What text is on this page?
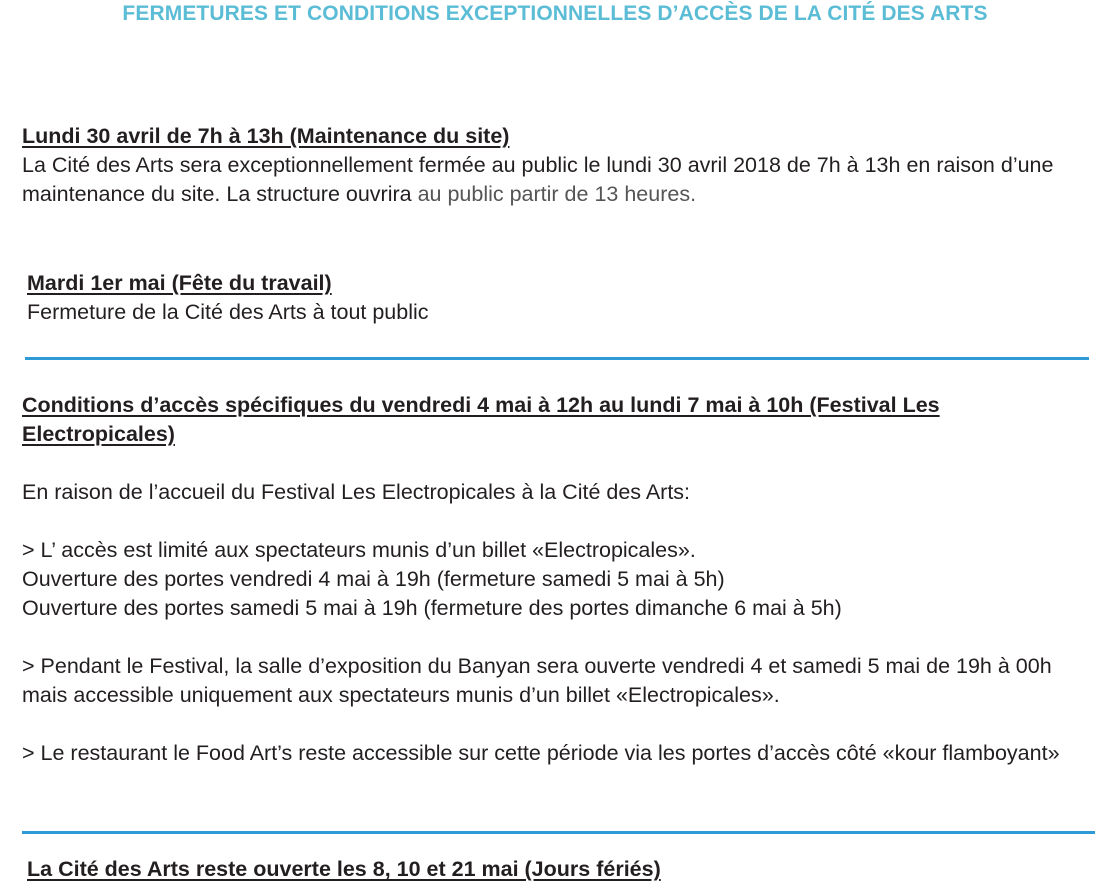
FERMETURES ET CONDITIONS EXCEPTIONNELLES D’ACCÈS DE LA CITÉ DES ARTS

Lundi 30 avril de 7h à 13h (Maintenance du site)

La Cité des Arts sera exceptionnellement fermée au public le lundi 30 avril 2018 de 7h à 13h en raison d’une maintenance du site. La structure ouvrira au public partir de 13 heures.

Mardi 1er mai (Fête du travail)

Fermeture de la Cité des Arts à tout public

Conditions d’accès spécifiques du vendredi 4 mai à 12h au lundi 7 mai à 10h (Festival Les Electropicales)

En raison de l’accueil du Festival Les Electropicales à la Cité des Arts:

> L’ accès est limité aux spectateurs munis d’un billet «Electropicales».

Ouverture des portes vendredi 4 mai à 19h (fermeture samedi 5 mai à 5h)

Ouverture des portes samedi 5 mai à 19h (fermeture des portes dimanche 6 mai à 5h)

> Pendant le Festival, la salle d’exposition du Banyan sera ouverte vendredi 4 et samedi 5 mai de 19h à 00h mais accessible uniquement aux spectateurs munis d’un billet «Electropicales».

> Le restaurant le Food Art’s reste accessible sur cette période via les portes d’accès côté «kour flamboyant»

La Cité des Arts reste ouverte les 8, 10 et 21 mai (Jours fériés)
